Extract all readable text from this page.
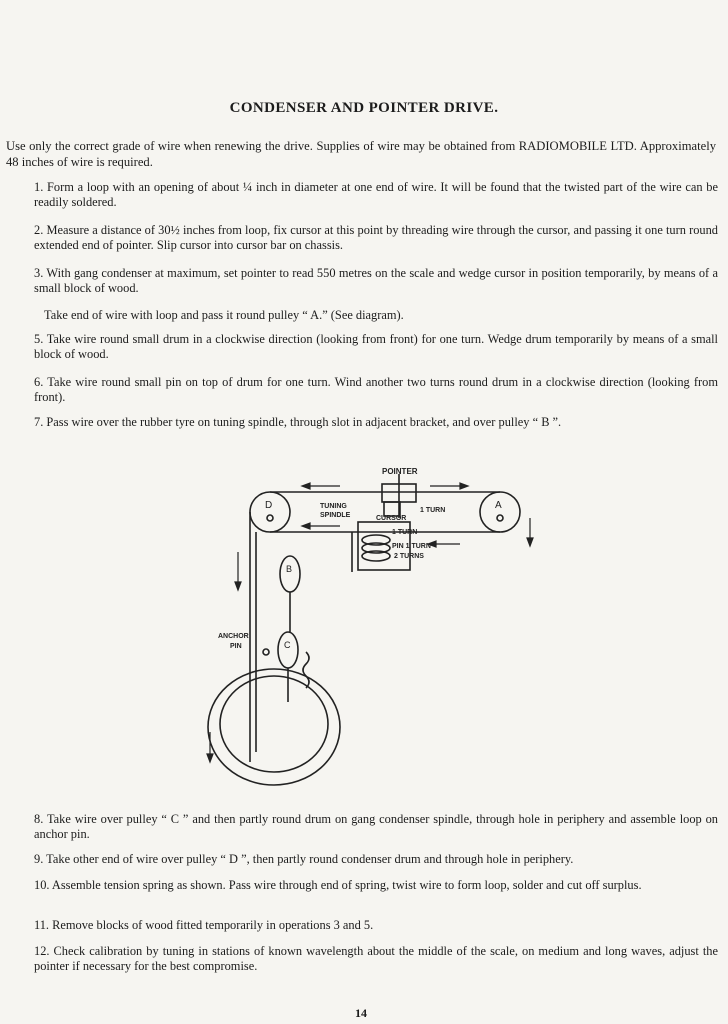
CONDENSER AND POINTER DRIVE.
Use only the correct grade of wire when renewing the drive. Supplies of wire may be obtained from RADIOMOBILE LTD. Approximately 48 inches of wire is required.
1. Form a loop with an opening of about ¼ inch in diameter at one end of wire. It will be found that the twisted part of the wire can be readily soldered.
2. Measure a distance of 30½ inches from loop, fix cursor at this point by threading wire through the cursor, and passing it one turn round extended end of pointer. Slip cursor into cursor bar on chassis.
3. With gang condenser at maximum, set pointer to read 550 metres on the scale and wedge cursor in position temporarily, by means of a small block of wood.
Take end of wire with loop and pass it round pulley “ A.” (See diagram).
5. Take wire round small drum in a clockwise direction (looking from front) for one turn. Wedge drum temporarily by means of a small block of wood.
6. Take wire round small pin on top of drum for one turn. Wind another two turns round drum in a clockwise direction (looking from front).
7. Pass wire over the rubber tyre on tuning spindle, through slot in adjacent bracket, and over pulley “ B ”.
POINTER
1 TURN
TUNING
SPINDLE	CURSOR
1 TURN
PIN 1 TURN
2 TURNS
ANCHOR
PIN
A
D
B
C
8. Take wire over pulley “ C ” and then partly round drum on gang condenser spindle, through hole in periphery and assemble loop on anchor pin.
9. Take other end of wire over pulley “ D ”, then partly round condenser drum and through hole in periphery.
10. Assemble tension spring as shown. Pass wire through end of spring, twist wire to form loop, solder and cut off surplus.
11. Remove blocks of wood fitted temporarily in operations 3 and 5.
12. Check calibration by tuning in stations of known wavelength about the middle of the scale, on medium and long waves, adjust the pointer if necessary for the best compromise.
14
